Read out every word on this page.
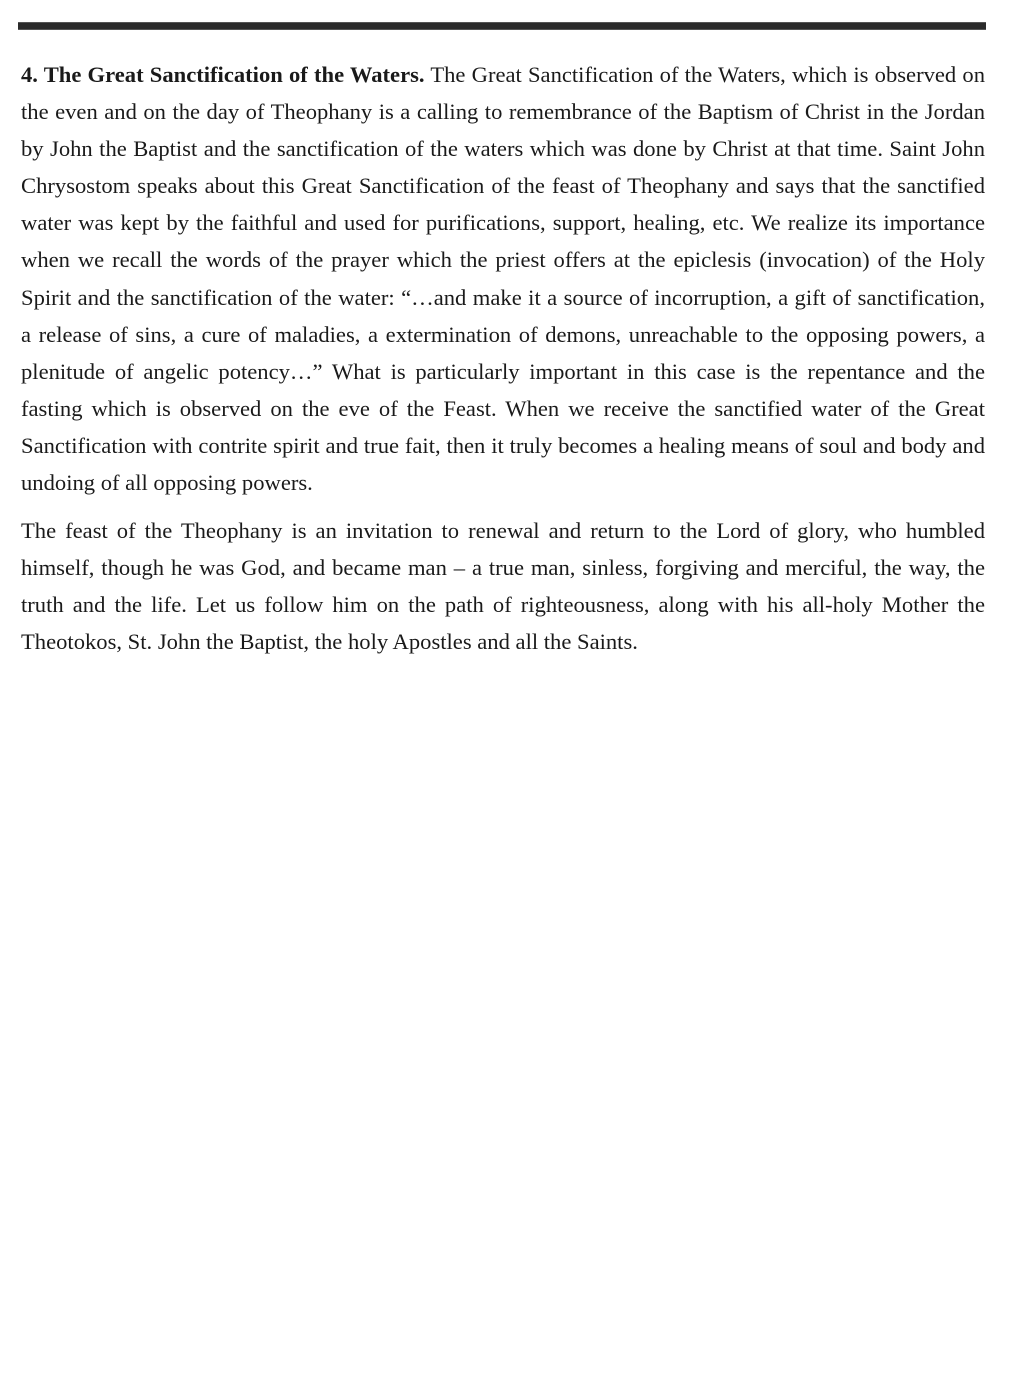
4. The Great Sanctification of the Waters. The Great Sanctification of the Waters, which is observed on the even and on the day of Theophany is a calling to remembrance of the Baptism of Christ in the Jordan by John the Baptist and the sanctification of the waters which was done by Christ at that time. Saint John Chrysostom speaks about this Great Sanctification of the feast of Theophany and says that the sanctified water was kept by the faithful and used for purifications, support, healing, etc. We realize its importance when we recall the words of the prayer which the priest offers at the epiclesis (invocation) of the Holy Spirit and the sanctification of the water: “…and make it a source of incorruption, a gift of sanctification, a release of sins, a cure of maladies, a extermination of demons, unreachable to the opposing powers, a plenitude of angelic potency…” What is particularly important in this case is the repentance and the fasting which is observed on the eve of the Feast. When we receive the sanctified water of the Great Sanctification with contrite spirit and true fait, then it truly becomes a healing means of soul and body and undoing of all opposing powers.

The feast of the Theophany is an invitation to renewal and return to the Lord of glory, who humbled himself, though he was God, and became man – a true man, sinless, forgiving and merciful, the way, the truth and the life. Let us follow him on the path of righteousness, along with his all-holy Mother the Theotokos, St. John the Baptist, the holy Apostles and all the Saints.
